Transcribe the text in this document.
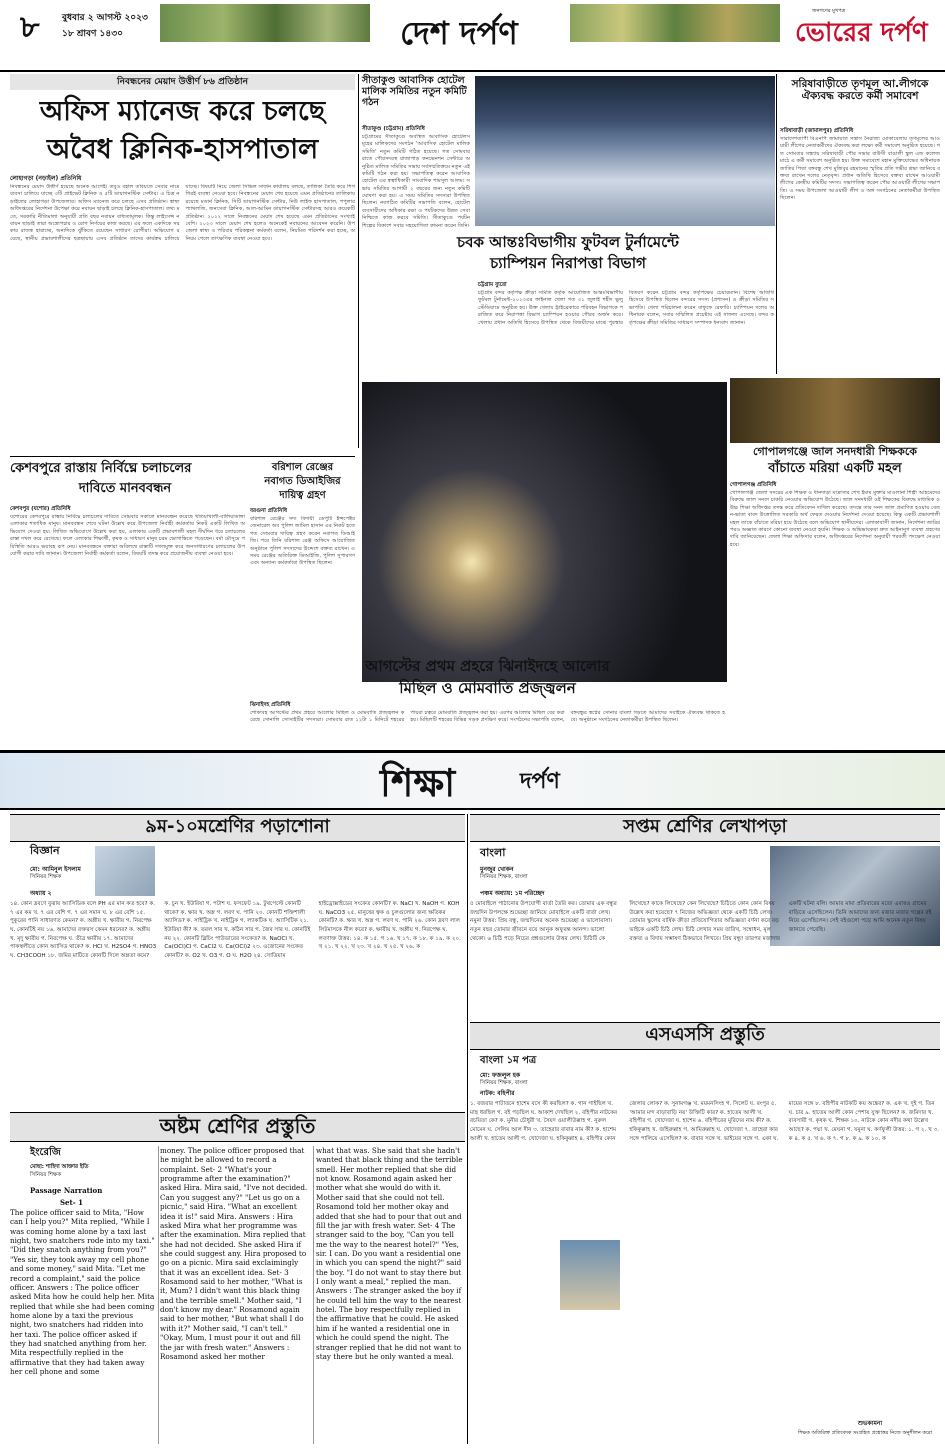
৮	বুধবার ২ আগস্ট ২০২৩
১৮ শ্রাবণ ১৪৩০	দেশ দর্পণ
জনগণের মুখপত্র
ভোরের দর্পণ
নিবন্ধনের মেয়াদ উত্তীর্ণ ৮৬ প্রতিষ্ঠান
অফিস ম্যানেজ করে চলছে
অবৈধ ক্লিনিক-হাসপাতাল
লোহাগড়া (নড়াইল) প্রতিনিধি
নিবন্ধনের মেয়াদ উত্তীর্ণ হয়েছে অনেক আগেই। তবুও বহাল তবিয়তে সেবার নামে ব্যবসা চালিয়ে যাচ্ছে ৩টি প্রাইভেট ক্লিনিক ও ৫টি ডায়াগনস্টিক সেন্টার। এ চিত্র নড়াইলের লোহাগড়া উপজেলার। অফিস ম্যানেজ করে চলছে এসব প্রতিষ্ঠান। স্বাস্থ্য অধিদপ্তরের নির্দেশনা উপেক্ষা করে নবায়ন ছাড়াই চলছে ক্লিনিক-হাসপাতাল। তথ্য মতে, সরকারি নীতিমালা অনুযায়ী প্রতি বছর নবায়ন বাধ্যতামূলক। কিন্তু লাইসেন্স নবায়ন ছাড়াই তারা অস্ত্রোপচার ও রোগ নির্ণয়ের কাজ করছে। এর ফলে একদিকে সরকার রাজস্ব হারাচ্ছে, অন্যদিকে ঝুঁকিতে রয়েছেন সাধারণ রোগীরা। অভিযোগ রয়েছে, স্থানীয় প্রভাবশালীদের ছত্রছায়ায় এসব প্রতিষ্ঠান তাদের কার্যক্রম চালিয়ে যাচ্ছে। বিষয়টি নিয়ে জেলা সিভিল সার্জন কার্যালয় বলছে, তালিকা তৈরি করে শিগগিরই ব্যবস্থা নেওয়া হবে। নিবন্ধনের মেয়াদ শেষ হয়েছে এমন প্রতিষ্ঠানের তালিকায় রয়েছে মডার্ন ক্লিনিক, সিটি ডায়াগনস্টিক সেন্টার, নিউ লাইফ হাসপাতাল, পপুলার প্যাথলজি, জনসেবা ক্লিনিক, আল-আমিন ডায়াগনস্টিক সেন্টারসহ আরও কয়েকটি প্রতিষ্ঠান। ২০২২ সালে নিবন্ধনের মেয়াদ শেষ হয়েছে এমন প্রতিষ্ঠানের সংখ্যাই বেশি। ২০২৩ সালে মেয়াদ শেষ হলেও অনেকেই নবায়নের আবেদন করেনি। উপজেলা স্বাস্থ্য ও পরিবার পরিকল্পনা কর্মকর্তা বলেন, নিয়মিত পরিদর্শন করা হচ্ছে, অনিয়ম পেলে তাৎক্ষণিক ব্যবস্থা নেওয়া হবে।
সীতাকুণ্ড আবাসিক হোটেল মালিক সমিতির নতুন কমিটি গঠন
সীতাকুণ্ড (চট্টগ্রাম) প্রতিনিধি
চট্টগ্রামের সীতাকুণ্ডে অবস্থিত আবাসিক হোটেলসমূহের মালিকদের সংগঠন 'আবাসিক হোটেল মালিক সমিতি' নতুন কমিটি গঠিত হয়েছে। গত সোমবার রাতে পৌরসদরস্থ রাজাপাড় কনভেনশন সেন্টারে অনুষ্ঠিত মালিক সমিতির সভায় সর্বসম্মতিক্রমে নতুন এই কমিটি গঠন করা হয়। সভাপতিত্ব করেন আবাসিক হোটেল এর স্বত্বাধিকারী সাংবাদিক শামসুল আলম। সভায় সমিতির আগামী ২ বছরের জন্য নতুন কমিটি ঘোষণা করা হয়। এ সময় সমিতির সদস্যরা উপস্থিত ছিলেন। নবগঠিত কমিটির সভাপতি বলেন, হোটেল ব্যবসায়ীদের অধিকার রক্ষা ও পর্যটকদের উন্নত সেবা নিশ্চিতে কাজ করবে সমিতি। সীতাকুণ্ডে পর্যটন শিল্পের বিকাশে সবার সহযোগিতা কামনা করেন তিনি।
চবক আন্তঃবিভাগীয় ফুটবল টুর্নামেন্টে
চ্যাম্পিয়ন নিরাপত্তা বিভাগ
চট্টগ্রাম ব্যুরো
চট্টগ্রাম বন্দর কর্তৃপক্ষ ক্রীড়া সমিতি কর্তৃক আয়োজিত আন্তঃবিভাগীয় ফুটবল টুর্নামেন্ট-২০২৩এর ফাইনাল খেলা গত ৩১ জুলাই শহীদ ভুলু স্টেডিয়ামে অনুষ্ঠিত হয়। উক্ত খেলায় ট্রাইব্রেকারে পরিবহন বিভাগকে পরাজিত করে নিরাপত্তা বিভাগ চ্যাম্পিয়ন হওয়ার গৌরব অর্জন করে। খেলায় প্রধান অতিথি হিসেবে উপস্থিত থেকে বিজয়ীদের মাঝে পুরস্কার বিতরণ করেন চট্টগ্রাম বন্দর কর্তৃপক্ষের চেয়ারম্যান। বিশেষ অতিথি হিসেবে উপস্থিত ছিলেন বন্দরের সদস্য (প্রশাসন) ও ক্রীড়া সমিতির সভাপতি। খেলা পরিচালনা করেন বাফুফে রেফারি। চ্যাম্পিয়ন দলের অধিনায়ক বলেন, সবার সম্মিলিত প্রচেষ্টায় এই সাফল্য এসেছে। বন্দর কর্তৃপক্ষের ক্রীড়া সমিতির সাধারণ সম্পাদক ধন্যবাদ জানান।
সরিষাবাড়ীতে তৃণমূল আ.লীগকে ঐক্যবদ্ধ করতে কর্মী সমাবেশ
সরিষাবাড়ী (জামালপুর) প্রতিনিধি
সারাদেশব্যাপী বিএনপি জামায়াত সন্ত্রাস নৈরাজ্য মোকাবেলায় তৃণমূলের আওয়ামী লীগের নেতাকর্মীদের ঐক্যবদ্ধ করা লক্ষ্যে কর্মী সমাবেশ অনুষ্ঠিত হয়েছে। গত সোমবার সন্ধ্যায় সরিষাবাড়ী পৌর সভার বাউসী বাঙালী স্কুল এন্ড কলেজ মাঠে এ কর্মী সমাবেশ অনুষ্ঠিত হয়। উক্ত সমাবেশে মহান মুক্তিযোদ্ধের অধিনায়ক জাতির পিতা বঙ্গবন্ধু শেখ মুজিবুর রহমানের স্মৃতির প্রতি গভীর শ্রদ্ধা জানিয়ে বক্তব্য রাখেন দলের নেতৃবৃন্দ। প্রধান অতিথি হিসেবে বক্তব্য রাখেন আওয়ামী লীগের কেন্দ্রীয় কমিটির সদস্য। সভাপতিত্ব করেন পৌর আওয়ামী লীগের সভাপতি। এ সময় উপজেলা আওয়ামী লীগ ও অঙ্গ সংগঠনের নেতাকর্মীরা উপস্থিত ছিলেন।
কেশবপুরে রাস্তায় নির্বিঘ্নে চলাচলের
দাবিতে মানববন্ধন
কেশবপুর (যশোর) প্রতিনিধি
যশোরের কেশবপুরে রাস্তায় নির্বিঘ্নে চলাচলের দাবিতে সোমবার সকালে মানববন্ধন করেছে খতিয়াখালী-বালিয়াডাঙ্গা এলাকার শতাধিক মানুষ। মানববন্ধন শেষে ঘটনা উল্লেখ করে উপজেলা নির্বাহী কর্মকর্তার নিকট একটি লিখিত অভিযোগ দেওয়া হয়। লিখিত অভিযোগে উল্লেখ করা হয়, এলাকার একটি প্রভাবশালী মহল দীর্ঘদিন ধরে চলাচলের রাস্তা দখল করে রেখেছে। ফলে এলাকার শিক্ষার্থী, কৃষক ও সাধারণ মানুষ চরম ভোগান্তিতে পড়েছেন। বর্ষা মৌসুমে পরিস্থিতি আরও ভয়াবহ রূপ নেয়। মানববন্ধনে বক্তারা অবিলম্বে রাস্তাটি দখলমুক্ত করে জনসাধারণের চলাচলের উপযোগী করার দাবি জানান। উপজেলা নির্বাহী কর্মকর্তা বলেন, বিষয়টি তদন্ত করে প্রয়োজনীয় ব্যবস্থা নেওয়া হবে।
বরিশাল রেঞ্জের
নবাগত ডিআইজির
দায়িত্ব গ্রহণ
বরগুনা প্রতিনিধি
বরিশাল রেঞ্জের সদ্য বিদায়ী ডেপুটি ইন্সপেক্টর জেনারেল অব পুলিশ জামিল হাসান এর নিকট হতে গত সোমবার দায়িত্ব গ্রহণ করেন নবাগত ডিআইজি। পরে তিনি বরিশাল রেঞ্জ অফিসে আয়োজিত অনুষ্ঠানে পুলিশ সদস্যদের উদ্দেশে বক্তব্য রাখেন। এ সময় রেঞ্জের অতিরিক্ত ডিআইজি, পুলিশ সুপারগণ এবং অন্যান্য কর্মকর্তারা উপস্থিত ছিলেন।
গোপালগঞ্জে জাল সনদধারী শিক্ষককে
বাঁচাতে মরিয়া একটি মহল
গোপালগঞ্জ প্রতিনিধি
গোপালগঞ্জ জেলা সদরের এক শিক্ষক ও ধানদাড়া মাদ্রাসার শেখ ইমাম মুক্তার মাওলানা শিল্পী আহমেদের বিরুদ্ধে জাল সনদে চাকরি নেওয়ার অভিযোগ উঠেছে। জাল সনদধারী ওই শিক্ষকের বিরুদ্ধে মাধ্যমিক ও উচ্চ শিক্ষা অধিদপ্তর তদন্ত করে প্রতিবেদন দাখিল করেছে। তদন্তে তার সনদ জাল প্রমাণিত হওয়ায় বেতন-ভাতা বাবদ উত্তোলিত সরকারি অর্থ ফেরত দেওয়ার নির্দেশনা দেওয়া হয়েছে। কিন্তু একটি প্রভাবশালী মহল তাকে বাঁচাতে মরিয়া হয়ে উঠেছে বলে অভিযোগ স্থানীয়দের। এলাকাবাসী জানান, নির্দেশনা জারির পরও অজ্ঞাত কারণে কোনো ব্যবস্থা নেওয়া হয়নি। শিক্ষক ও অভিভাবকরা দ্রুত আইনানুগ ব্যবস্থা গ্রহণের দাবি জানিয়েছেন। জেলা শিক্ষা অফিসার বলেন, অধিদপ্তরের নির্দেশনা অনুযায়ী পরবর্তী পদক্ষেপ নেওয়া হবে।
আগস্টের প্রথম প্রহরে ঝিনাইদহে আলোর
মিছিল ও মোমবাতি প্রজ্জ্বলন
ঝিনাইদহ প্রতিনিধি
শোকাবহ আগস্টের প্রথম প্রহরে আলোর মিছিল ও মোমবাতি প্রজ্জ্বলন করেছে সোনালি সোসাইটির সদস্যরা। সোমবার রাত ১২টা ১ মিনিটে শহরের পায়রা চত্বরে মোমবাতি প্রজ্জ্বলন করা হয়। এরপর আলোর মিছিল বের করা হয়। মিছিলটি শহরের বিভিন্ন সড়ক প্রদক্ষিণ করে। সংগঠনের সভাপতি বলেন, বঙ্গবন্ধুর স্বপ্নের সোনার বাংলা গড়তে আমাদের সবাইকে ঐক্যবদ্ধ থাকতে হবে। অনুষ্ঠানে সংগঠনের নেতাকর্মীরা উপস্থিত ছিলেন।
শিক্ষা	দর্পণ
৯ম-১০মশ্রেণির পড়াশোনা
বিজ্ঞান
মো: আমিনুল ইসলাম
সিনিয়র শিক্ষক
অধ্যায় ২
১৪. কোন দ্রবণে বুঝায় অ্যাসিডিক বলে PH এর মান কত হবে? ক. ৭ এর কম খ. ৭ এর বেশি গ. ৭ এর সমান ঘ. ৮ এর বেশি ১৫. পুকুরের পানি সাধারণত কেমন? ক. অম্লীয় খ. ক্ষারীয় গ. নিরপেক্ষ ঘ. কোনটিই নয় ১৬. আমাদের রক্তরস কেমন ধরনের? ক. অম্লীয় খ. মৃদু ক্ষারীয় গ. নিরপেক্ষ ঘ. তীব্র ক্ষারীয় ১৭. আমাদের পাকস্থলীতে কোন অ্যাসিড থাকে? ক. HCl খ. H2SO4 গ. HNO3 ঘ. CH3COOH ১৮. জমির মাটিতে কোনটি দিলে অম্লতা কমে? ক. চুন খ. ইউরিয়া গ. পটাশ ঘ. ফসফেট ১৯. টুথপেস্টে কোনটি থাকে? ক. ক্ষার খ. অম্ল গ. লবণ ঘ. পানি ২০. কোনটি শক্তিশালী অ্যাসিড? ক. সাইট্রিক খ. নাইট্রিক গ. ল্যাকটিক ঘ. অ্যাসিটিক ২১. ইউরিয়া কী? ক. তরল সার খ. কঠিন সার গ. জৈব সার ঘ. কোনটিই নয় ২২. কোনটি ব্লিচিং পাউডারের সংকেত? ক. NaOCl খ. Ca(OCl)Cl গ. CaCl2 ঘ. Ca(OCl)2 ২৩. ওজোনের সংকেত কোনটি? ক. O2 খ. O3 গ. O ঘ. H2O ২৪. সোডিয়াম হাইড্রোক্সাইডের সংকেত কোনটি? ক. NaCl খ. NaOH গ. KOH ঘ. NaCO3 ২৫. মানুষের ত্বক ও চুলগুলোর জন্য ক্ষতিকর কোনটি? ক. ক্ষার খ. অম্ল গ. লবণ ঘ. পানি ২৬. কোন দ্রবণ লাল লিটমাসকে নীল করে? ক. ক্ষারীয় খ. অম্লীয় গ. নিরপেক্ষ ঘ. লবণাক্ত উত্তর: ১৪. ক ১৫. গ ১৬. খ ১৭. ক ১৮. ক ১৯. ক ২০. খ ২১. খ ২২. খ ২৩. খ ২৪. খ ২৫. খ ২৬. ক
সপ্তম শ্রেণির লেখাপড়া
বাংলা
মুনজুর খোকন
সিনিয়র শিক্ষক, বাংলা
পঞ্চম অধ্যায়: ১ম পরিচ্ছেদ
৫ মোবাইলে পাঠানোর উপযোগী বার্তা তৈরি কর। তোমার এক বন্ধুর জন্মদিন উপলক্ষে শুভেচ্ছা জানিয়ে মোবাইলে একটি বার্তা লেখ। নমুনা উত্তর: প্রিয় বন্ধু, জন্মদিনের অনেক শুভেচ্ছা ও ভালোবাসা। নতুন বছর তোমার জীবনে বয়ে আনুক অফুরন্ত আনন্দ। ভালো থেকো। ৬ চিঠি পড়ে নিচের প্রশ্নগুলোর উত্তর লেখ। চিঠিটি কে লিখেছে? কাকে লিখেছে? কেন লিখেছে? চিঠিতে কোন কোন বিষয় উল্লেখ করা হয়েছে? ৭ নিজের অভিজ্ঞতা থেকে একটি চিঠি লেখ। তোমার স্কুলের বার্ষিক ক্রীড়া প্রতিযোগিতার অভিজ্ঞতা বর্ণনা করে বড় ভাইকে একটি চিঠি লেখ। চিঠি লেখার সময় তারিখ, সম্বোধন, মূল বক্তব্য ও বিদায় সম্ভাষণ ঠিকভাবে লিখবে। প্রিয় বন্ধু! তারপর মজাদার একটি ঘটনা বলি। আমার মামা প্রতিবারের মতো এবারও গ্রামের বাড়িতে এসেছিলেন। তিনি আমাদের জন্য মজার মজার গল্পের বই নিয়ে এসেছিলেন। সেই বইগুলো পড়ে আমি অনেক নতুন বিষয় জানতে পেরেছি।
এসএসসি প্রস্তুতি
বাংলা ১ম পত্র
মো: ফজলুল হক
সিনিয়র শিক্ষক, বাংলা
নাটক: বহিপীর
১. বজরার পাটাতনে হাশেম বসে কী করছিল? ক. গান গাইছিল খ. মাছ ধরছিল গ. বই পড়ছিল ঘ. আকাশ দেখছিল ২. বহিপীর নাটকের রচয়িতা কে? ক. মুনীর চৌধুরী খ. সৈয়দ ওয়ালীউল্লাহ গ. নুরুল মোমেন ঘ. সেলিম আল দীন ৩. তাহেরার বাবার নাম কী? ক. হাশেম আলী খ. হাতেম আলী গ. খোদেজা ঘ. হকিকুল্লাহ ৪. বহিপীর কোন জেলার লোক? ক. সুনামগঞ্জ খ. ময়মনসিংহ গ. সিলেট ঘ. রংপুর ৫. 'আমার মন্দ বাড়াবাড়ি নয়' উক্তিটি কার? ক. হাতেম আলী খ. বহিপীর গ. খোদেজা ঘ. হাশেম ৬. বহিপীরের মুরিদের নাম কী? ক. হকিকুল্লাহ খ. জহিরুল্লাহ গ. আমিরুল্লাহ ঘ. খোদেজা ৭. তাহেরা কার সঙ্গে পালিয়ে এসেছিল? ক. বাবার সঙ্গে খ. ভাইয়ের সঙ্গে গ. একা ঘ. মায়ের সঙ্গে ৮. বহিপীর নাটকটি কয় অঙ্কের? ক. এক খ. দুই গ. তিন ঘ. চার ৯. হাতেম আলী কোন পেশায় যুক্ত ছিলেন? ক. জমিদার খ. ব্যবসায়ী গ. কৃষক ঘ. শিক্ষক ১০. নাটকে কোন নদীর কথা উল্লেখ আছে? ক. পদ্মা খ. মেঘনা গ. যমুনা ঘ. কর্ণফুলী উত্তর: ১. গ ২. খ ৩. ক ৪. ক ৫. খ ৬. ক ৭. গ ৮. ক ৯. ক ১০. ক
শুভকামনা
শিক্ষক অতিরিক্ত প্রতিবেদক সংগ্রহিত প্রশ্নোত্তর নিজে অনুশীলন করো
অষ্টম শ্রেণির প্রস্তুতি
ইংরেজি
মোছা: শাহিদা আক্তার ইতি
সিনিয়র শিক্ষক
Passage Narration
Set- 1
The police officer said to Mita, "How can I help you?" Mita replied, "While I was coming home alone by a taxi last night, two snatchers rode into my taxi." "Did they snatch anything from you?" "Yes sir, they took away my cell phone and some money," said Mita. "Let me record a complaint," said the police officer. Answers : The police officer asked Mita how he could help her. Mita replied that while she had been coming home alone by a taxi the previous night, two snatchers had ridden into her taxi. The police officer asked if they had snatched anything from her. Mita respectfully replied in the affirmative that they had taken away her cell phone and some
money. The police officer proposed that he might be allowed to record a complaint. Set- 2 "What's your programme after the examination?" asked Hira. Mira said, "I've not decided. Can you suggest any?" "Let us go on a picnic," said Hira. "What an excellent idea it is!" said Mira. Answers : Hira asked Mira what her programme was after the examination. Mira replied that she had not decided. She asked Hira if she could suggest any. Hira proposed to go on a picnic. Mira said exclaimingly that it was an excellent idea. Set- 3 Rosamond said to her mother, "What is it, Mum? I didn't want this black thing and the terrible smell." Mother said, "I don't know my dear." Rosamond again said to her mother, "But what shall I do with it?" Mother said, "I can't tell." "Okay, Mum, I must pour it out and fill the jar with fresh water." Answers : Rosamond asked her mother
what that was. She said that she hadn't wanted that black thing and the terrible smell. Her mother replied that she did not know. Rosamond again asked her mother what she would do with it. Mother said that she could not tell. Rosamond told her mother okay and added that she had to pour that out and fill the jar with fresh water. Set- 4 The stranger said to the boy, "Can you tell me the way to the nearest hotel?" "Yes, sir. I can. Do you want a residential one in which you can spend the night?" said the boy. "I do not want to stay there but I only want a meal," replied the man. Answers : The stranger asked the boy if he could tell him the way to the nearest hotel. The boy respectfully replied in the affirmative that he could. He asked him if he wanted a residential one in which he could spend the night. The stranger replied that he did not want to stay there but he only wanted a meal.
